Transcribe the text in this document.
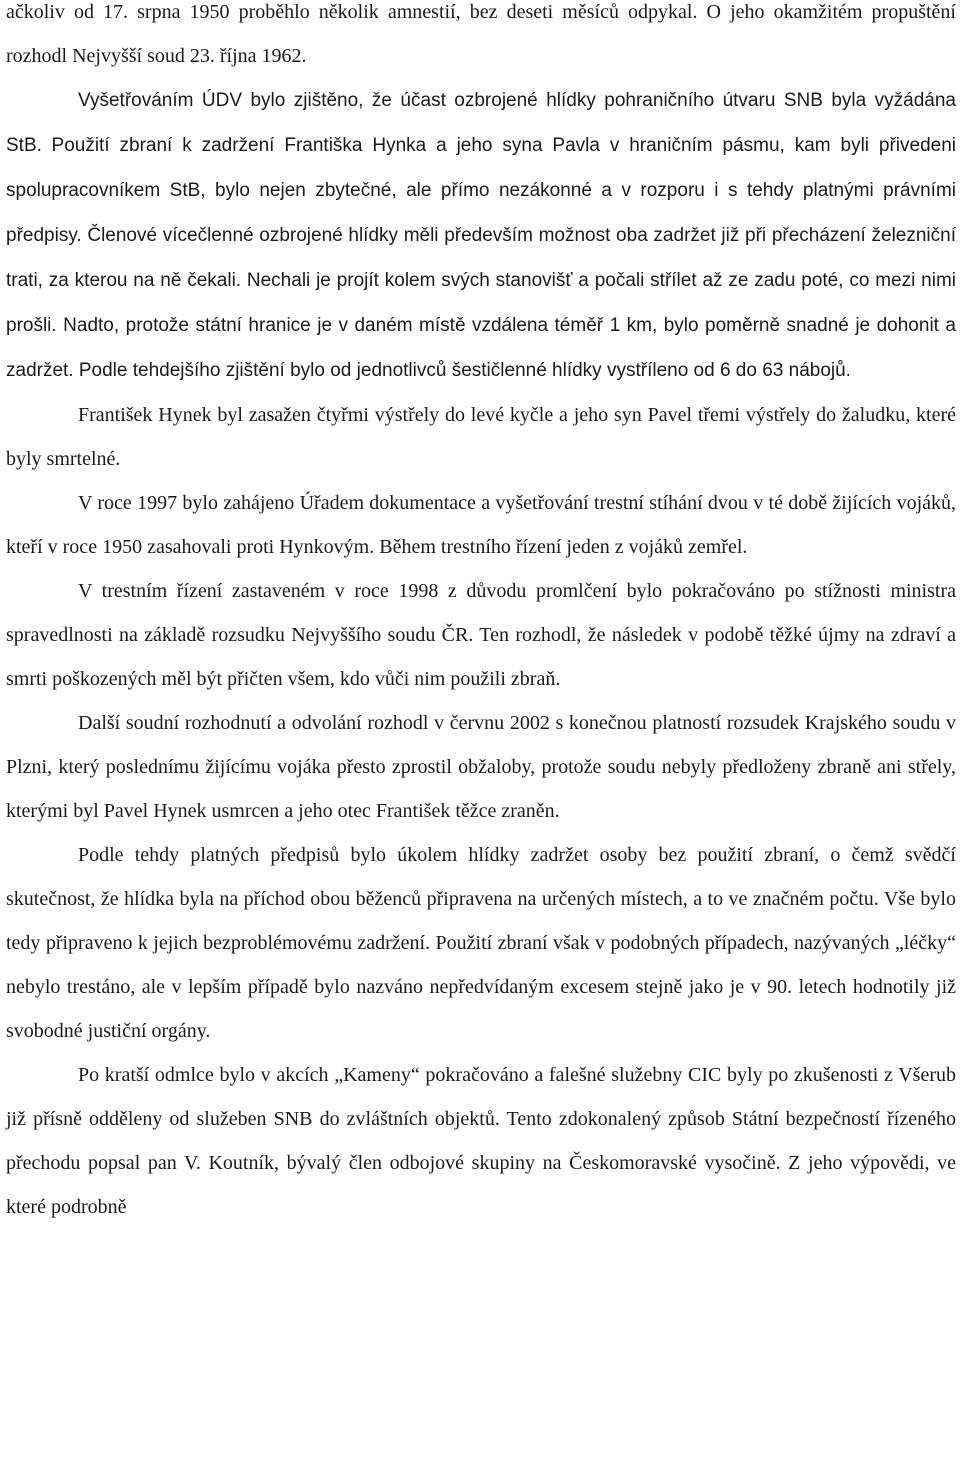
ačkoliv od 17. srpna 1950 proběhlo několik amnestií, bez deseti měsíců odpykal. O jeho okamžitém propuštění rozhodl Nejvyšší soud 23. října 1962.

Vyšetřováním ÚDV bylo zjištěno, že účast ozbrojené hlídky pohraničního útvaru SNB byla vyžádána StB. Použití zbraní k zadržení Františka Hynka a jeho syna Pavla v hraničním pásmu, kam byli přivedeni spolupracovníkem StB, bylo nejen zbytečné, ale přímo nezákonné a v rozporu i s tehdy platnými právními předpisy. Členové vícečlenné ozbrojené hlídky měli především možnost oba zadržet již při přecházení železniční trati, za kterou na ně čekali. Nechali je projít kolem svých stanovišť a počali střílet až ze zadu poté, co mezi nimi prošli. Nadto, protože státní hranice je v daném místě vzdálena téměř 1 km, bylo poměrně snadné je dohonit a zadržet. Podle tehdejšího zjištění bylo od jednotlivců šestičlenné hlídky vystříleno od 6 do 63 nábojů.

František Hynek byl zasažen čtyřmi výstřely do levé kyčle a jeho syn Pavel třemi výstřely do žaludku, které byly smrtelné.

V roce 1997 bylo zahájeno Úřadem dokumentace a vyšetřování trestní stíhání dvou v té době žijících vojáků, kteří v roce 1950 zasahovali proti Hynkovým. Během trestního řízení jeden z vojáků zemřel.

V trestním řízení zastaveném v roce 1998 z důvodu promlčení bylo pokračováno po stížnosti ministra spravedlnosti na základě rozsudku Nejvyššího soudu ČR. Ten rozhodl, že následek v podobě těžké újmy na zdraví a smrti poškozených měl být přičten všem, kdo vůči nim použili zbraň.

Další soudní rozhodnutí a odvolání rozhodl v červnu 2002 s konečnou platností rozsudek Krajského soudu v Plzni, který poslednímu žijícímu vojáka přesto zprostil obžaloby, protože soudu nebyly předloženy zbraně ani střely, kterými byl Pavel Hynek usmrcen a jeho otec František těžce zraněn.

Podle tehdy platných předpisů bylo úkolem hlídky zadržet osoby bez použití zbraní, o čemž svědčí skutečnost, že hlídka byla na příchod obou běženců připravena na určených místech, a to ve značném počtu. Vše bylo tedy připraveno k jejich bezproblémovému zadržení. Použití zbraní však v podobných případech, nazývaných „léčky“ nebylo trestáno, ale v lepším případě bylo nazváno nepředvídaným excesem stejně jako je v 90. letech hodnotily již svobodné justiční orgány.

Po kratší odmlce bylo v akcích „Kameny“ pokračováno a falešné služebny CIC byly po zkušenosti z Všerub již přísně odděleny od služeben SNB do zvláštních objektů. Tento zdokonalený způsob Státní bezpečností řízeného přechodu popsal pan V. Koutník, bývalý člen odbojové skupiny na Českomoravské vysočině. Z jeho výpovědi, ve které podrobně
